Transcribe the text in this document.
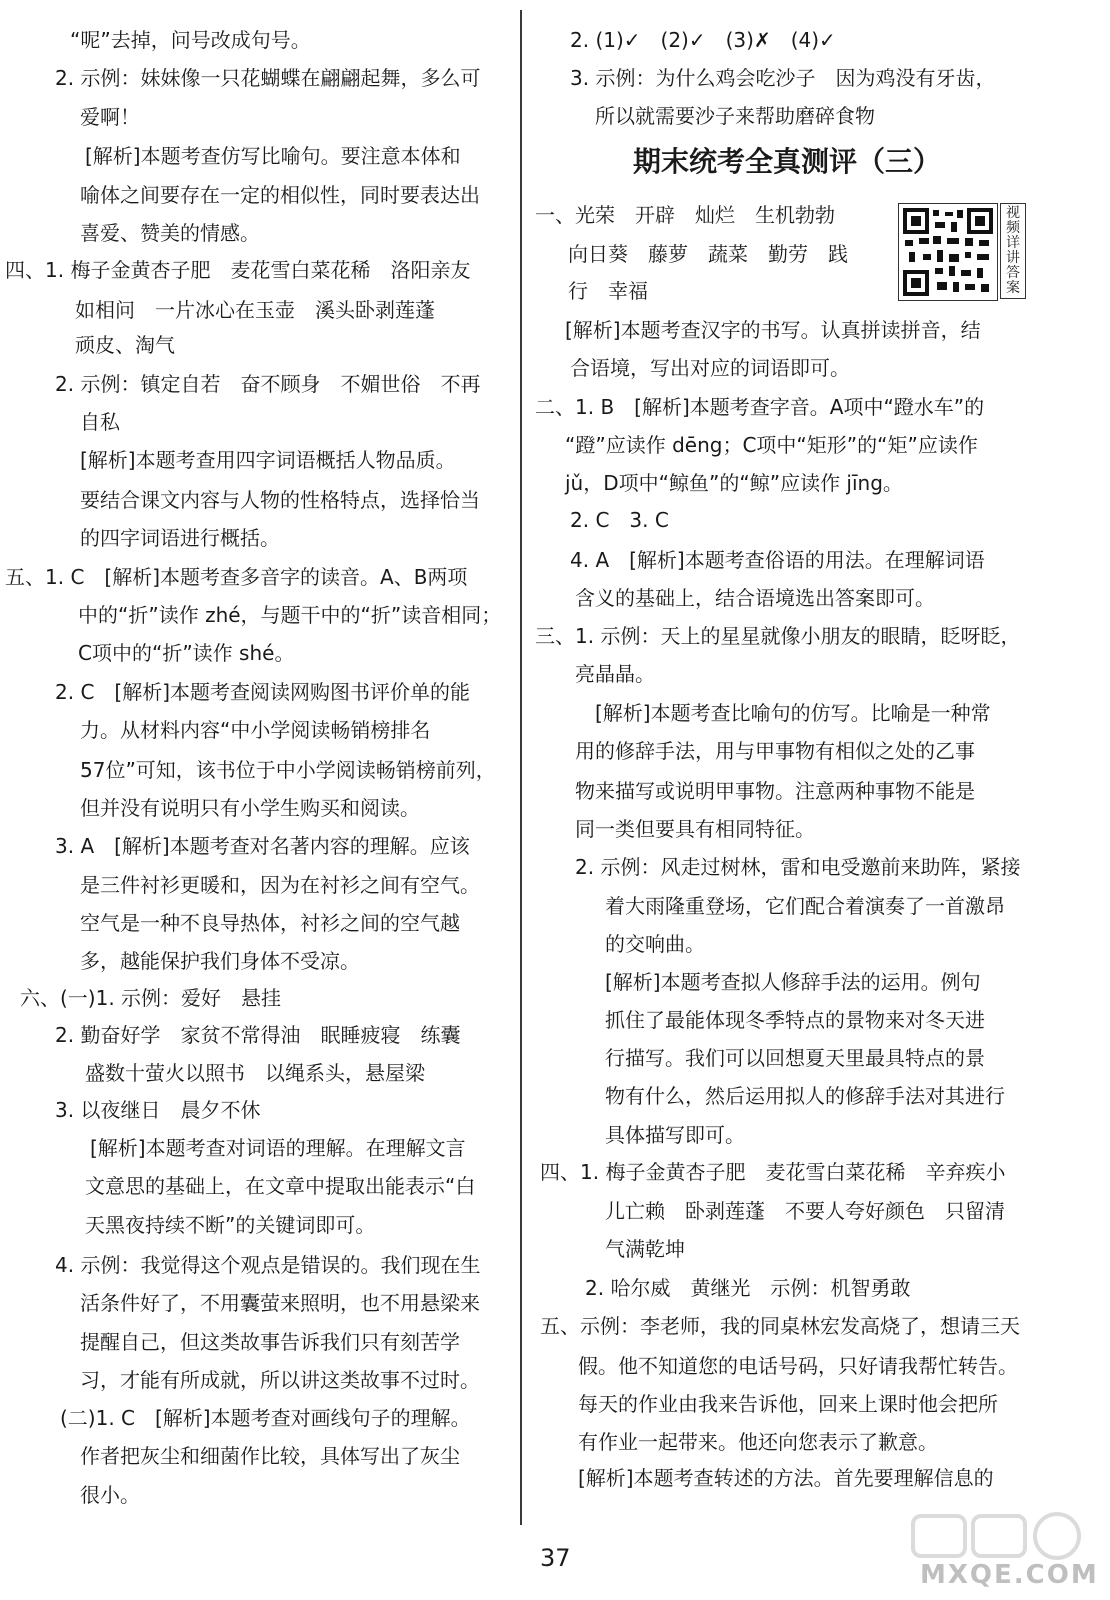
期末统考全真测评（三）
视频详讲答案
37
MXQE.COM
“呢”去掉，问号改成句号。
2. 示例：妹妹像一只花蝴蝶在翩翩起舞，多么可
爱啊！
[解析]本题考查仿写比喻句。要注意本体和
喻体之间要存在一定的相似性，同时要表达出
喜爱、赞美的情感。
四、1. 梅子金黄杏子肥　麦花雪白菜花稀　洛阳亲友
如相问　一片冰心在玉壶　溪头卧剥莲蓬
顽皮、淘气
2. 示例：镇定自若　奋不顾身　不媚世俗　不再
自私
[解析]本题考查用四字词语概括人物品质。
要结合课文内容与人物的性格特点，选择恰当
的四字词语进行概括。
五、1. C　[解析]本题考查多音字的读音。A、B两项
中的“折”读作 zhé，与题干中的“折”读音相同；
C项中的“折”读作 shé。
2. C　[解析]本题考查阅读网购图书评价单的能
力。从材料内容“中小学阅读畅销榜排名
57位”可知，该书位于中小学阅读畅销榜前列，
但并没有说明只有小学生购买和阅读。
3. A　[解析]本题考查对名著内容的理解。应该
是三件衬衫更暖和，因为在衬衫之间有空气。
空气是一种不良导热体，衬衫之间的空气越
多，越能保护我们身体不受凉。
六、(一)1. 示例：爱好　悬挂
2. 勤奋好学　家贫不常得油　眠睡疲寝　练囊
盛数十萤火以照书　以绳系头，悬屋梁
3. 以夜继日　晨夕不休
[解析]本题考查对词语的理解。在理解文言
文意思的基础上，在文章中提取出能表示“白
天黑夜持续不断”的关键词即可。
4. 示例：我觉得这个观点是错误的。我们现在生
活条件好了，不用囊萤来照明，也不用悬梁来
提醒自己，但这类故事告诉我们只有刻苦学
习，才能有所成就，所以讲这类故事不过时。
(二)1. C　[解析]本题考查对画线句子的理解。
作者把灰尘和细菌作比较，具体写出了灰尘
很小。
2. (1)✓　(2)✓　(3)✗　(4)✓
3. 示例：为什么鸡会吃沙子　因为鸡没有牙齿，
所以就需要沙子来帮助磨碎食物
一、光荣　开辟　灿烂　生机勃勃
向日葵　藤萝　蔬菜　勤劳　践
行　幸福
[解析]本题考查汉字的书写。认真拼读拼音，结
合语境，写出对应的词语即可。
二、1. B　[解析]本题考查字音。A项中“蹬水车”的
“蹬”应读作 dēng；C项中“矩形”的“矩”应读作
jǔ，D项中“鲸鱼”的“鲸”应读作 jīng。
2. C　3. C
4. A　[解析]本题考查俗语的用法。在理解词语
含义的基础上，结合语境选出答案即可。
三、1. 示例：天上的星星就像小朋友的眼睛，眨呀眨，
亮晶晶。
[解析]本题考查比喻句的仿写。比喻是一种常
用的修辞手法，用与甲事物有相似之处的乙事
物来描写或说明甲事物。注意两种事物不能是
同一类但要具有相同特征。
2. 示例：风走过树林，雷和电受邀前来助阵，紧接
着大雨隆重登场，它们配合着演奏了一首激昂
的交响曲。
[解析]本题考查拟人修辞手法的运用。例句
抓住了最能体现冬季特点的景物来对冬天进
行描写。我们可以回想夏天里最具特点的景
物有什么，然后运用拟人的修辞手法对其进行
具体描写即可。
四、1. 梅子金黄杏子肥　麦花雪白菜花稀　辛弃疾小
儿亡赖　卧剥莲蓬　不要人夸好颜色　只留清
气满乾坤
2. 哈尔威　黄继光　示例：机智勇敢
五、示例：李老师，我的同桌林宏发高烧了，想请三天
假。他不知道您的电话号码，只好请我帮忙转告。
每天的作业由我来告诉他，回来上课时他会把所
有作业一起带来。他还向您表示了歉意。
[解析]本题考查转述的方法。首先要理解信息的
